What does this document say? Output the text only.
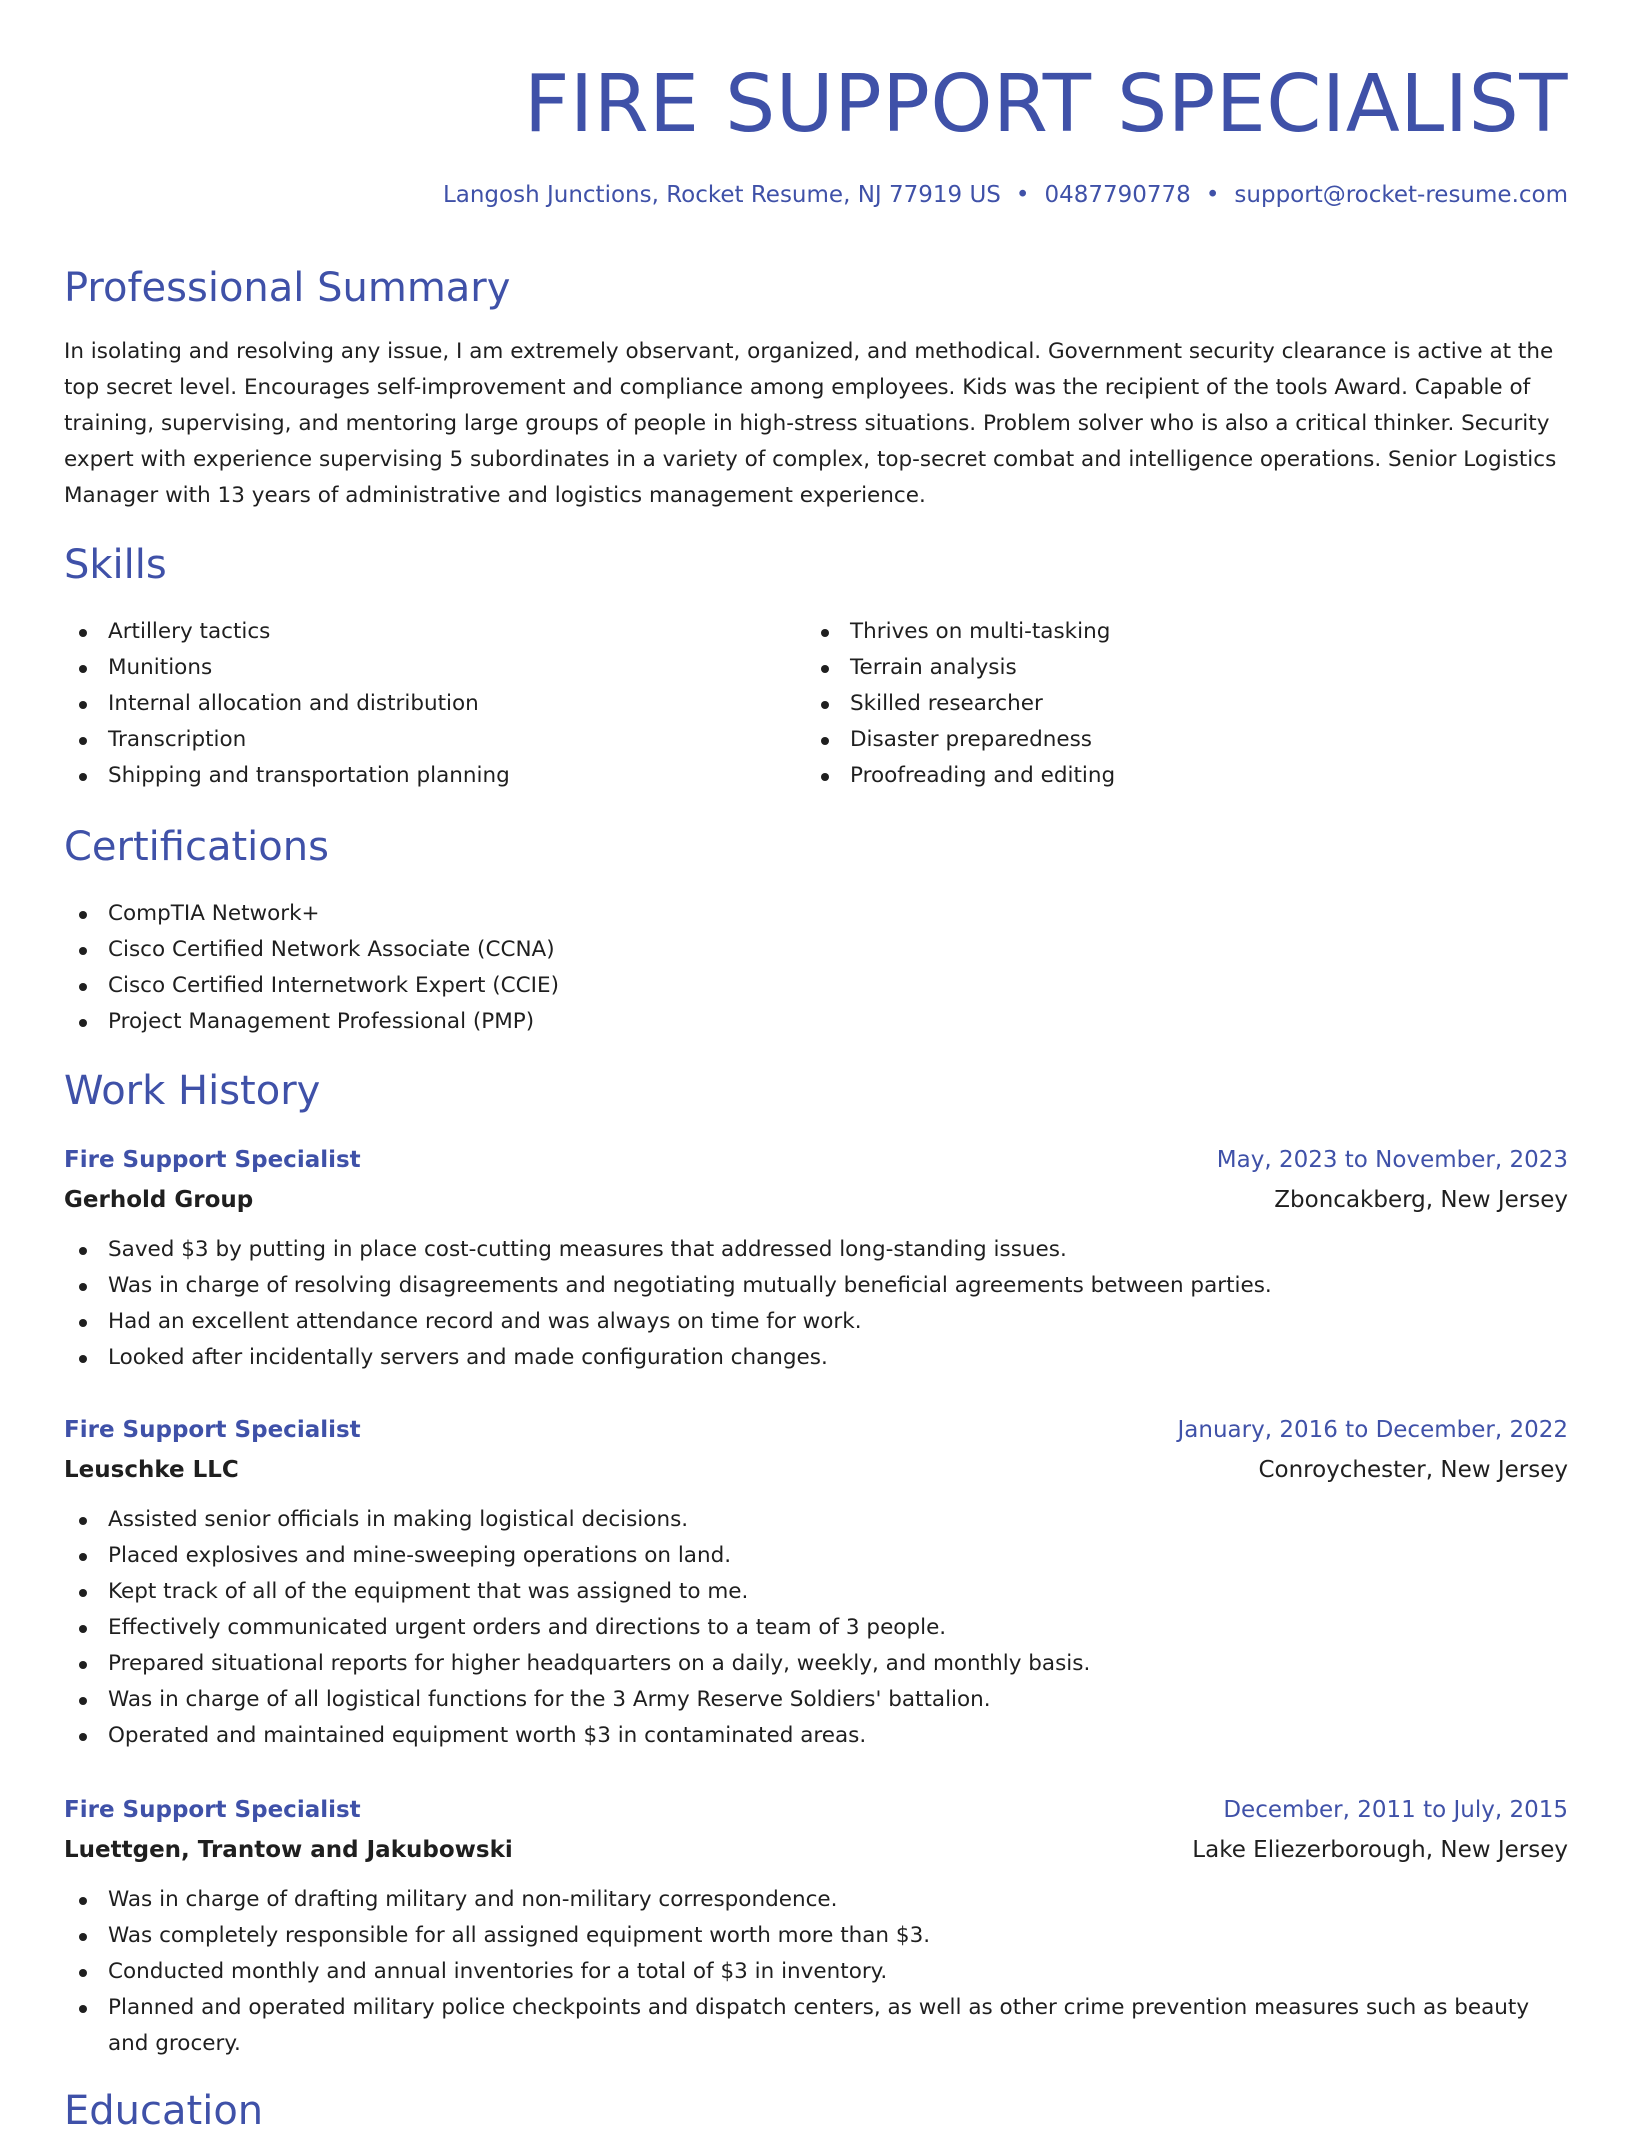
FIRE SUPPORT SPECIALIST
Langosh Junctions, Rocket Resume, NJ 77919 US • 0487790778 • support@rocket-resume.com
Professional Summary

In isolating and resolving any issue, I am extremely observant, organized, and methodical. Government security clearance is active at the top secret level. Encourages self-improvement and compliance among employees. Kids was the recipient of the tools Award. Capable of training, supervising, and mentoring large groups of people in high-stress situations. Problem solver who is also a critical thinker. Security expert with experience supervising 5 subordinates in a variety of complex, top-secret combat and intelligence operations. Senior Logistics Manager with 13 years of administrative and logistics management experience.

Skills
Artillery tactics
Munitions
Internal allocation and distribution
Transcription
Shipping and transportation planning
Thrives on multi-tasking
Terrain analysis
Skilled researcher
Disaster preparedness
Proofreading and editing
Certifications
CompTIA Network+
Cisco Certified Network Associate (CCNA)
Cisco Certified Internetwork Expert (CCIE)
Project Management Professional (PMP)
Work History
Fire Support Specialist	May, 2023 to November, 2023
Gerhold Group	Zboncakberg, New Jersey
Saved $3 by putting in place cost-cutting measures that addressed long-standing issues.
Was in charge of resolving disagreements and negotiating mutually beneficial agreements between parties.
Had an excellent attendance record and was always on time for work.
Looked after incidentally servers and made configuration changes.
Fire Support Specialist	January, 2016 to December, 2022
Leuschke LLC	Conroychester, New Jersey
Assisted senior officials in making logistical decisions.
Placed explosives and mine-sweeping operations on land.
Kept track of all of the equipment that was assigned to me.
Effectively communicated urgent orders and directions to a team of 3 people.
Prepared situational reports for higher headquarters on a daily, weekly, and monthly basis.
Was in charge of all logistical functions for the 3 Army Reserve Soldiers' battalion.
Operated and maintained equipment worth $3 in contaminated areas.
Fire Support Specialist	December, 2011 to July, 2015
Luettgen, Trantow and Jakubowski	Lake Eliezerborough, New Jersey
Was in charge of drafting military and non-military correspondence.
Was completely responsible for all assigned equipment worth more than $3.
Conducted monthly and annual inventories for a total of $3 in inventory.
Planned and operated military police checkpoints and dispatch centers, as well as other crime prevention measures such as beauty and grocery.
Education
